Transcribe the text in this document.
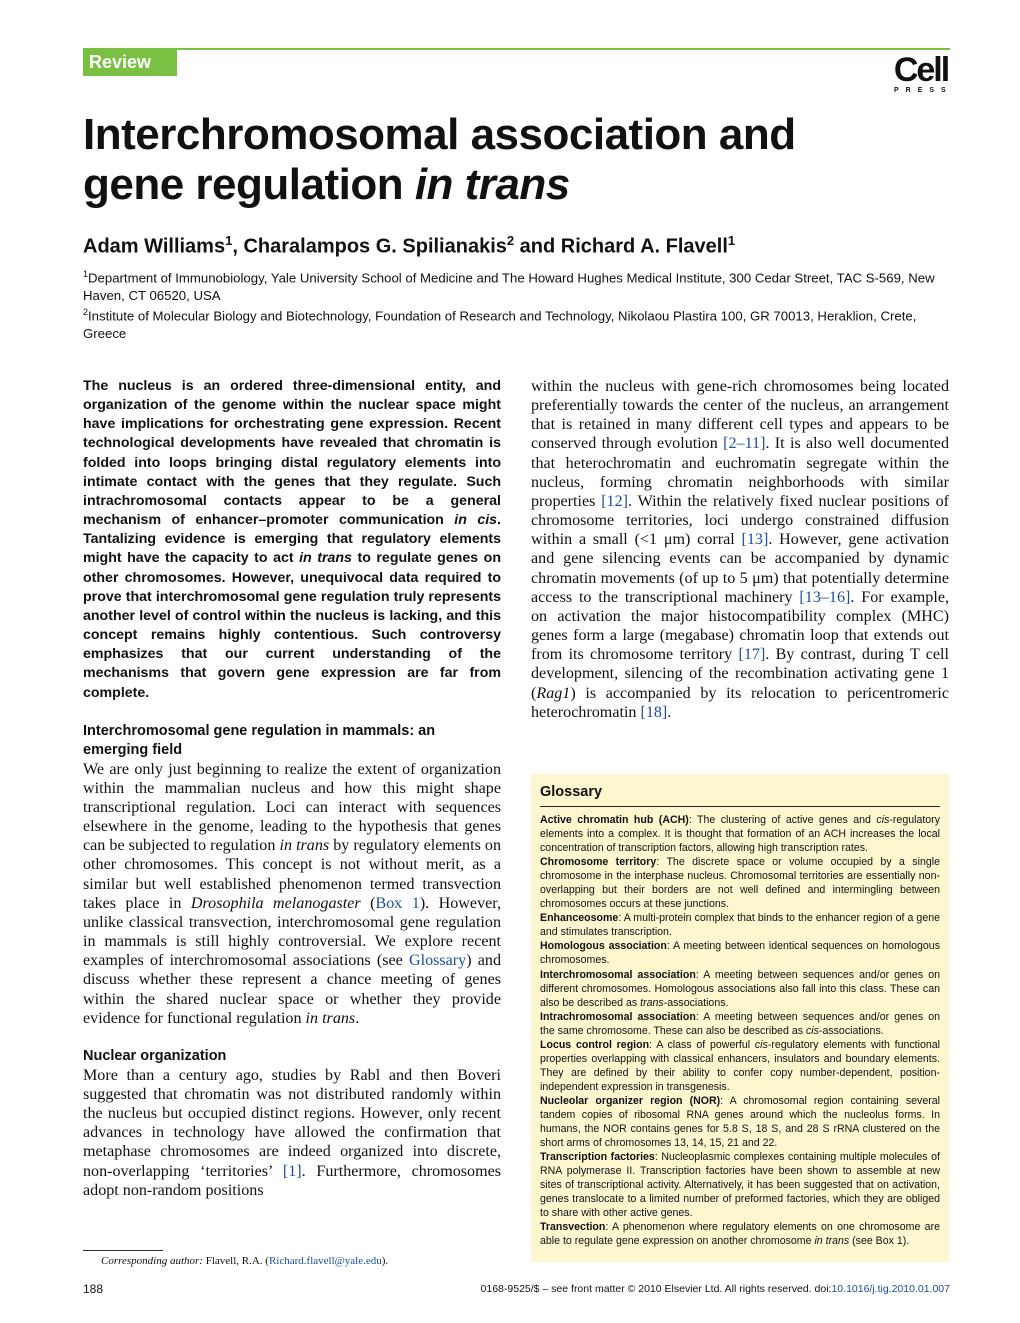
Review	Cell
PRESS
Interchromosomal association and
gene regulation in trans
Adam Williams$^1$, Charalampos G. Spilianakis$^2$ and Richard A. Flavell$^1$

$^1$Department of Immunobiology, Yale University School of Medicine and The Howard Hughes Medical Institute, 300 Cedar Street, TAC S-569, New Haven, CT 06520, USA

$^2$Institute of Molecular Biology and Biotechnology, Foundation of Research and Technology, Nikolaou Plastira 100, GR 70013, Heraklion, Crete, Greece

The nucleus is an ordered three-dimensional entity, and organization of the genome within the nuclear space might have implications for orchestrating gene expression. Recent technological developments have revealed that chromatin is folded into loops bringing distal regulatory elements into intimate contact with the genes that they regulate. Such intrachromosomal contacts appear to be a general mechanism of enhancer–promoter communication in cis. Tantalizing evidence is emerging that regulatory elements might have the capacity to act in trans to regulate genes on other chromosomes. However, unequivocal data required to prove that interchromosomal gene regulation truly represents another level of control within the nucleus is lacking, and this concept remains highly contentious. Such controversy emphasizes that our current understanding of the mechanisms that govern gene expression are far from complete.

Interchromosomal gene regulation in mammals: an emerging field

We are only just beginning to realize the extent of organization within the mammalian nucleus and how this might shape transcriptional regulation. Loci can interact with sequences elsewhere in the genome, leading to the hypothesis that genes can be subjected to regulation in trans by regulatory elements on other chromosomes. This concept is not without merit, as a similar but well established phenomenon termed transvection takes place in Drosophila melanogaster (Box 1). However, unlike classical transvection, interchromosomal gene regulation in mammals is still highly controversial. We explore recent examples of interchromosomal associations (see Glossary) and discuss whether these represent a chance meeting of genes within the shared nuclear space or whether they provide evidence for functional regulation in trans.

Nuclear organization

More than a century ago, studies by Rabl and then Boveri suggested that chromatin was not distributed randomly within the nucleus but occupied distinct regions. However, only recent advances in technology have allowed the confirmation that metaphase chromosomes are indeed organized into discrete, non-overlapping ‘territories’ [1]. Furthermore, chromosomes adopt non-random positions

within the nucleus with gene-rich chromosomes being located preferentially towards the center of the nucleus, an arrangement that is retained in many different cell types and appears to be conserved through evolution [2–11]. It is also well documented that heterochromatin and euchromatin segregate within the nucleus, forming chromatin neighborhoods with similar properties [12]. Within the relatively fixed nuclear positions of chromosome territories, loci undergo constrained diffusion within a small (<1 μm) corral [13]. However, gene activation and gene silencing events can be accompanied by dynamic chromatin movements (of up to 5 μm) that potentially determine access to the transcriptional machinery [13–16]. For example, on activation the major histocompatibility complex (MHC) genes form a large (megabase) chromatin loop that extends out from its chromosome territory [17]. By contrast, during T cell development, silencing of the recombination activating gene 1 (Rag1) is accompanied by its relocation to pericentromeric heterochromatin [18].

Glossary

Active chromatin hub (ACH): The clustering of active genes and cis-regulatory elements into a complex. It is thought that formation of an ACH increases the local concentration of transcription factors, allowing high transcription rates.

Chromosome territory: The discrete space or volume occupied by a single chromosome in the interphase nucleus. Chromosomal territories are essentially non-overlapping but their borders are not well defined and intermingling between chromosomes occurs at these junctions.

Enhanceosome: A multi-protein complex that binds to the enhancer region of a gene and stimulates transcription.

Homologous association: A meeting between identical sequences on homologous chromosomes.

Interchromosomal association: A meeting between sequences and/or genes on different chromosomes. Homologous associations also fall into this class. These can also be described as trans-associations.

Intrachromosomal association: A meeting between sequences and/or genes on the same chromosome. These can also be described as cis-associations.

Locus control region: A class of powerful cis-regulatory elements with functional properties overlapping with classical enhancers, insulators and boundary elements. They are defined by their ability to confer copy number-dependent, position-independent expression in transgenesis.

Nucleolar organizer region (NOR): A chromosomal region containing several tandem copies of ribosomal RNA genes around which the nucleolus forms. In humans, the NOR contains genes for 5.8 S, 18 S, and 28 S rRNA clustered on the short arms of chromosomes 13, 14, 15, 21 and 22.

Transcription factories: Nucleoplasmic complexes containing multiple molecules of RNA polymerase II. Transcription factories have been shown to assemble at new sites of transcriptional activity. Alternatively, it has been suggested that on activation, genes translocate to a limited number of preformed factories, which they are obliged to share with other active genes.

Transvection: A phenomenon where regulatory elements on one chromosome are able to regulate gene expression on another chromosome in trans (see Box 1).

Corresponding author: Flavell, R.A. (Richard.flavell@yale.edu).
188	0168-9525/$ – see front matter © 2010 Elsevier Ltd. All rights reserved. doi:10.1016/j.tig.2010.01.007
